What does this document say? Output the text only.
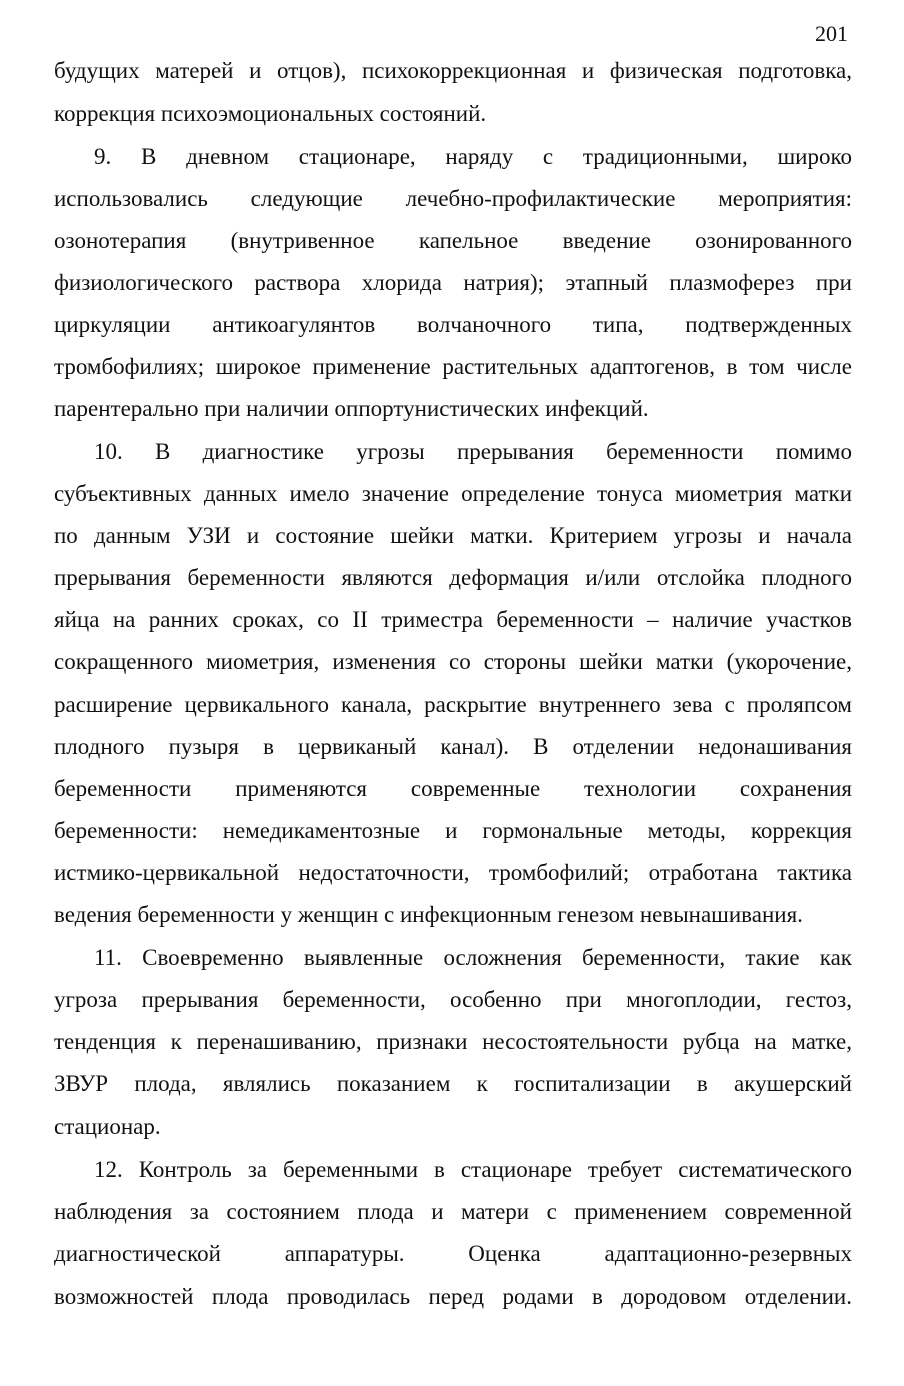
201
будущих матерей и отцов), психокоррекционная и физическая подготовка,
коррекция психоэмоциональных состояний.
9. В дневном стационаре, наряду с традиционными, широко
использовались следующие лечебно-профилактические мероприятия:
озонотерапия (внутривенное капельное введение озонированного
физиологического раствора хлорида натрия); этапный плазмоферез при
циркуляции антикоагулянтов волчаночного типа, подтвержденных
тромбофилиях; широкое применение растительных адаптогенов, в том числе
парентерально при наличии оппортунистических инфекций.
10. В диагностике угрозы прерывания беременности помимо
субъективных данных имело значение определение тонуса миометрия матки
по данным УЗИ и состояние шейки матки. Критерием угрозы и начала
прерывания беременности являются деформация и/или отслойка плодного
яйца на ранних сроках, со II триместра беременности – наличие участков
сокращенного миометрия, изменения со стороны шейки матки (укорочение,
расширение цервикального канала, раскрытие внутреннего зева с проляпсом
плодного пузыря в цервиканый канал). В отделении недонашивания
беременности применяются современные технологии сохранения
беременности: немедикаментозные и гормональные методы, коррекция
истмико-цервикальной недостаточности, тромбофилий; отработана тактика
ведения беременности у женщин с инфекционным генезом невынашивания.
11. Своевременно выявленные осложнения беременности, такие как
угроза прерывания беременности, особенно при многоплодии, гестоз,
тенденция к перенашиванию, признаки несостоятельности рубца на матке,
ЗВУР плода, являлись показанием к госпитализации в акушерский
стационар.
12. Контроль за беременными в стационаре требует систематического
наблюдения за состоянием плода и матери с применением современной
диагностической аппаратуры. Оценка адаптационно-резервных
возможностей плода проводилась перед родами в дородовом отделении.
